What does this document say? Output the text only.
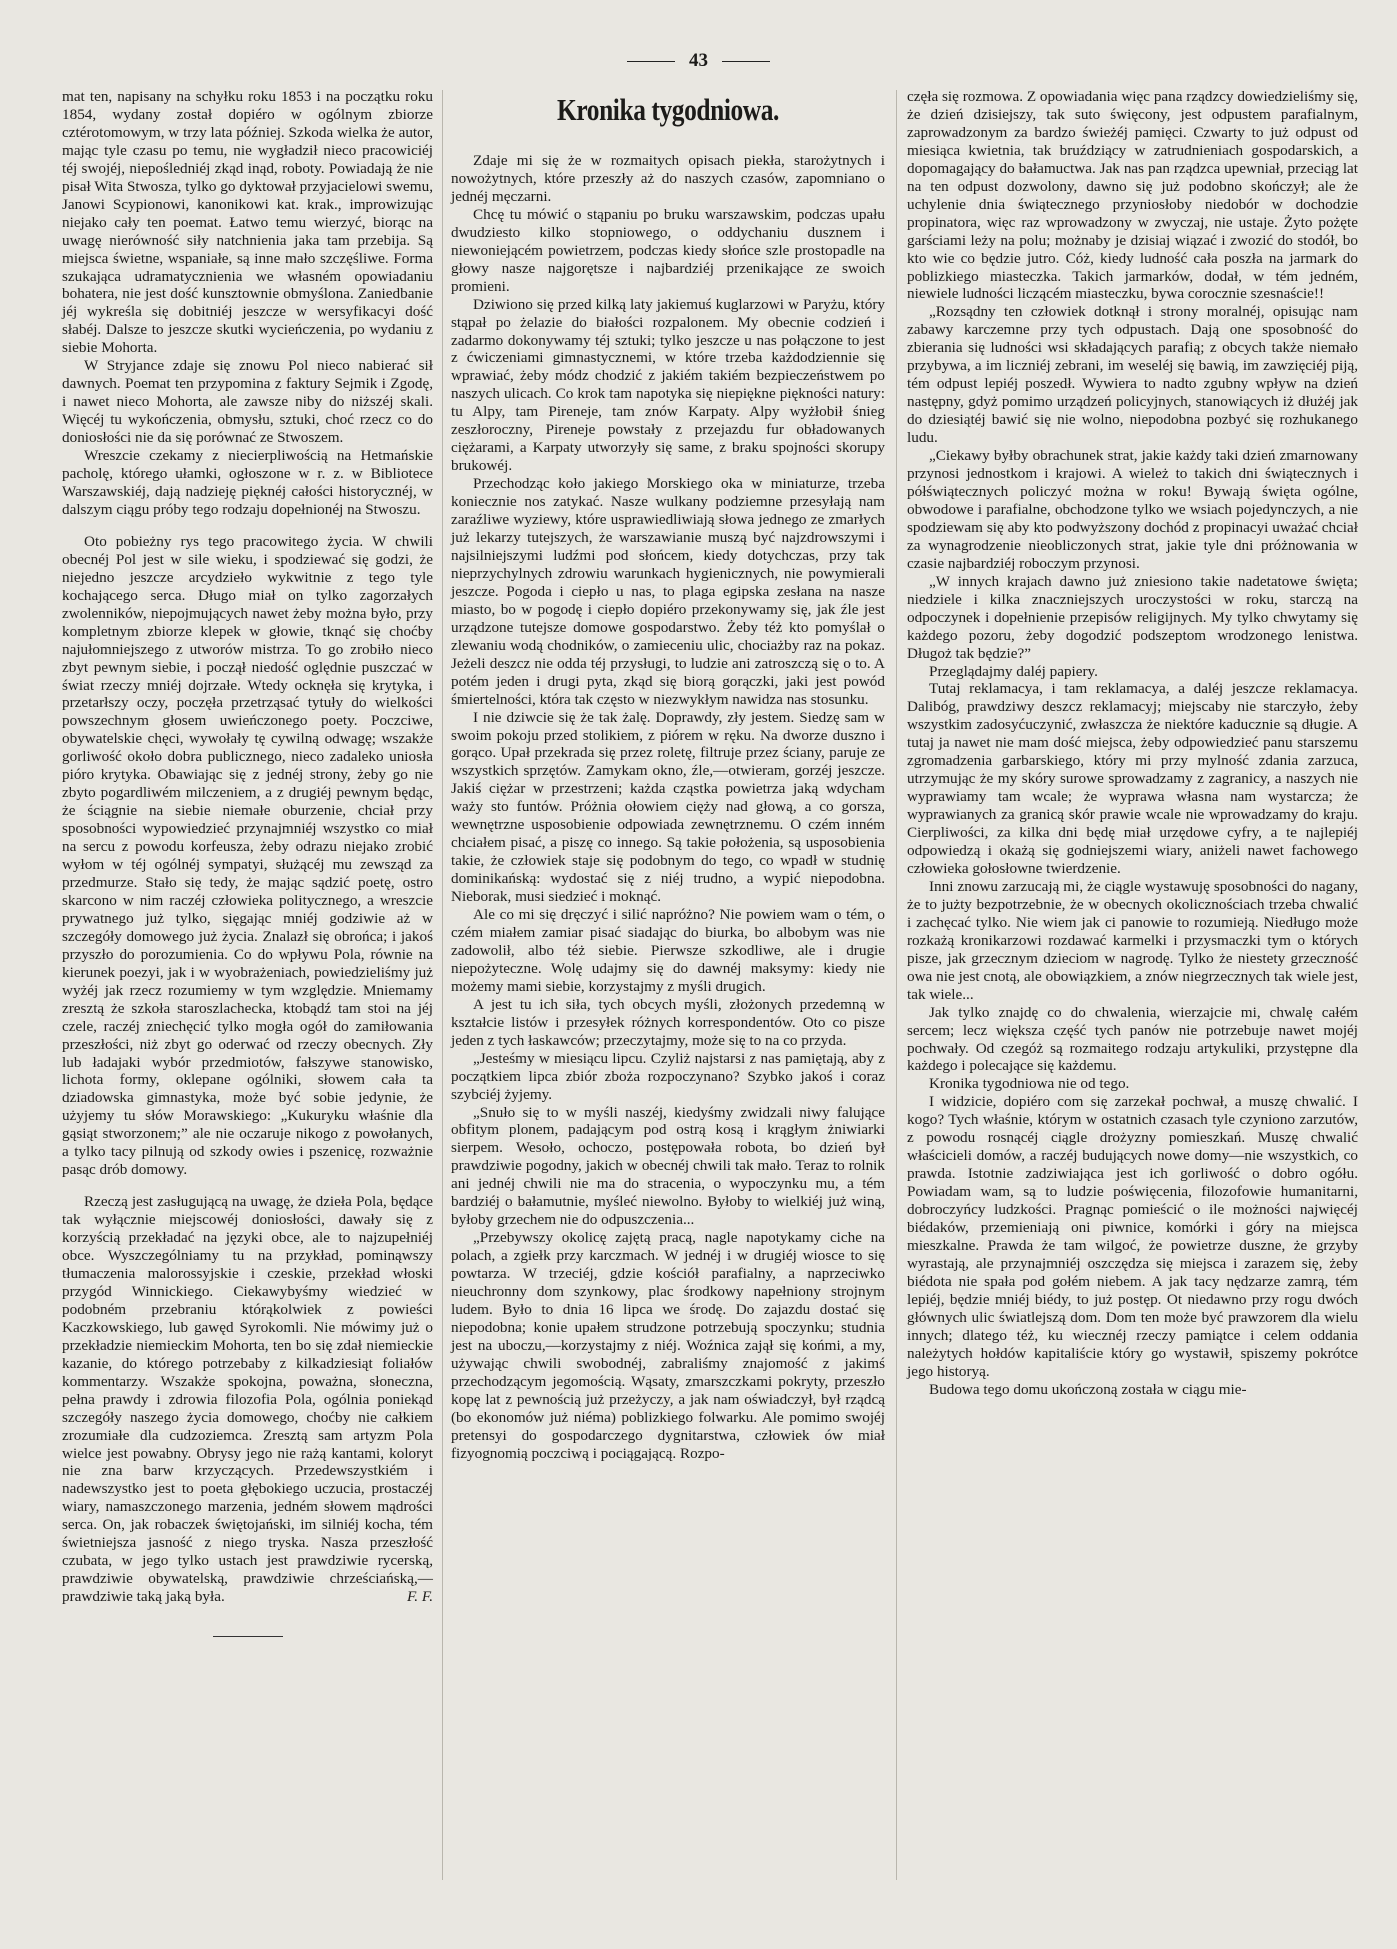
43

mat ten, napisany na schyłku roku 1853 i na początku roku 1854, wydany został dopiéro w ogólnym zbiorze cztérotomowym, w trzy lata później. Szkoda wielka że autor, mając tyle czasu po temu, nie wygładził nieco pracowiciéj téj swojéj, niepośledniéj zkąd inąd, roboty. Powiadają że nie pisał Wita Stwosza, tylko go dyktował przyjacielowi swemu, Janowi Scypionowi, kanonikowi kat. krak., improwizując niejako cały ten poemat. Łatwo temu wierzyć, biorąc na uwagę nierówność siły natchnienia jaka tam przebija. Są miejsca świetne, wspaniałe, są inne mało szczęśliwe. Forma szukająca udramatycznienia we własném opowiadaniu bohatera, nie jest dość kunsztownie obmyślona. Zaniedbanie jéj wykreśla się dobitniéj jeszcze w wersyfikacyi dość słabéj. Dalsze to jeszcze skutki wycieńczenia, po wydaniu z siebie Mohorta.

W Stryjance zdaje się znowu Pol nieco nabierać sił dawnych. Poemat ten przypomina z faktury Sejmik i Zgodę, i nawet nieco Mohorta, ale zawsze niby do niższéj skali. Więcéj tu wykończenia, obmysłu, sztuki, choć rzecz co do doniosłości nie da się porównać ze Stwoszem.

Wreszcie czekamy z niecierpliwością na Hetmańskie pacholę, którego ułamki, ogłoszone w r. z. w Bibliotece Warszawskiéj, dają nadzieję pięknéj całości historycznéj, w dalszym ciągu próby tego rodzaju dopełnionéj na Stwoszu.

Oto pobieżny rys tego pracowitego życia. W chwili obecnéj Pol jest w sile wieku, i spodziewać się godzi, że niejedno jeszcze arcydzieło wykwitnie z tego tyle kochającego serca. Długo miał on tylko zagorzałych zwolenników, niepojmujących nawet żeby można było, przy kompletnym zbiorze klepek w głowie, tknąć się choćby najułomniejszego z utworów mistrza. To go zrobiło nieco zbyt pewnym siebie, i począł niedość oględnie puszczać w świat rzeczy mniéj dojrzałe. Wtedy ocknęła się krytyka, i przetarłszy oczy, poczęła przetrząsać tytuły do wielkości powszechnym głosem uwieńczonego poety. Poczciwe, obywatelskie chęci, wywołały tę cywilną odwagę; wszakże gorliwość około dobra publicznego, nieco zadaleko uniosła pióro krytyka. Obawiając się z jednéj strony, żeby go nie zbyto pogardliwém milczeniem, a z drugiéj pewnym będąc, że ściągnie na siebie niemałe oburzenie, chciał przy sposobności wypowiedzieć przynajmniéj wszystko co miał na sercu z powodu korfeusza, żeby odrazu niejako zrobić wyłom w téj ogólnéj sympatyi, służącéj mu zewsząd za przedmurze. Stało się tedy, że mając sądzić poetę, ostro skarcono w nim raczéj człowieka politycznego, a wreszcie prywatnego już tylko, sięgając mniéj godziwie aż w szczegóły domowego już życia. Znalazł się obrońca; i jakoś przyszło do porozumienia. Co do wpływu Pola, równie na kierunek poezyi, jak i w wyobrażeniach, powiedzieliśmy już wyżéj jak rzecz rozumiemy w tym względzie. Mniemamy zresztą że szkoła staroszlachecka, ktobądź tam stoi na jéj czele, raczéj zniechęcić tylko mogła ogół do zamiłowania przeszłości, niż zbyt go oderwać od rzeczy obecnych. Zły lub ładajaki wybór przedmiotów, fałszywe stanowisko, lichota formy, oklepane ogólniki, słowem cała ta dziadowska gimnastyka, może być sobie jedynie, że użyjemy tu słów Morawskiego: „Kukuryku właśnie dla gąsiąt stworzonem;” ale nie oczaruje nikogo z powołanych, a tylko tacy pilnują od szkody owies i pszenicę, rozważnie pasąc drób domowy.

Rzeczą jest zasługującą na uwagę, że dzieła Pola, będące tak wyłącznie miejscowéj doniosłości, dawały się z korzyścią przekładać na języki obce, ale to najzupełniéj obce. Wyszczególniamy tu na przykład, pominąwszy tłumaczenia malorossyjskie i czeskie, przekład włoski przygód Winnickiego. Ciekawybyśmy wiedzieć w podobném przebraniu którąkolwiek z powieści Kaczkowskiego, lub gawęd Syrokomli. Nie mówimy już o przekładzie niemieckim Mohorta, ten bo się zdał niemieckie kazanie, do którego potrzebaby z kilkadziesiąt foliałów kommentarzy. Wszakże spokojna, poważna, słoneczna, pełna prawdy i zdrowia filozofia Pola, ogólnia poniekąd szczegóły naszego życia domowego, choćby nie całkiem zrozumiałe dla cudzoziemca. Zresztą sam artyzm Pola wielce jest powabny. Obrysy jego nie rażą kantami, koloryt nie zna barw krzyczących. Przedewszystkiém i nadewszystko jest to poeta głębokiego uczucia, prostaczéj wiary, namaszczonego marzenia, jedném słowem mądrości serca. On, jak robaczek świętojański, im silniéj kocha, tém świetniejsza jasność z niego tryska. Nasza przeszłość czubata, w jego tylko ustach jest prawdziwie rycerską, prawdziwie obywatelską, prawdziwie chrześciańską,—prawdziwie taką jaką była.	F. F.

Kronika tygodniowa.

Zdaje mi się że w rozmaitych opisach piekła, starożytnych i nowożytnych, które przeszły aż do naszych czasów, zapomniano o jednéj męczarni.

Chcę tu mówić o stąpaniu po bruku warszawskim, podczas upału dwudziesto kilko stopniowego, o oddychaniu dusznem i niewoniejącém powietrzem, podczas kiedy słońce szle prostopadle na głowy nasze najgorętsze i najbardziéj przenikające ze swoich promieni.

Dziwiono się przed kilką laty jakiemuś kuglarzowi w Paryżu, który stąpał po żelazie do białości rozpalonem. My obecnie codzień i zadarmo dokonywamy téj sztuki; tylko jeszcze u nas połączone to jest z ćwiczeniami gimnastycznemi, w które trzeba każdodziennie się wprawiać, żeby módz chodzić z jakiém takiém bezpieczeństwem po naszych ulicach. Co krok tam napotyka się niepiękne piękności natury: tu Alpy, tam Pireneje, tam znów Karpaty. Alpy wyżłobił śnieg zeszłoroczny, Pireneje powstały z przejazdu fur obładowanych ciężarami, a Karpaty utworzyły się same, z braku spojności skorupy brukowéj.

Przechodząc koło jakiego Morskiego oka w miniaturze, trzeba koniecznie nos zatykać. Nasze wulkany podziemne przesyłają nam zaraźliwe wyziewy, które usprawiedliwiają słowa jednego ze zmarłych już lekarzy tutejszych, że warszawianie muszą być najzdrowszymi i najsilniejszymi ludźmi pod słońcem, kiedy dotychczas, przy tak nieprzychylnych zdrowiu warunkach hygienicznych, nie powymierali jeszcze. Pogoda i ciepło u nas, to plaga egipska zesłana na nasze miasto, bo w pogodę i ciepło dopiéro przekonywamy się, jak źle jest urządzone tutejsze domowe gospodarstwo. Żeby téż kto pomyślał o zlewaniu wodą chodników, o zamieceniu ulic, chociażby raz na pokaz. Jeżeli deszcz nie odda téj przysługi, to ludzie ani zatroszczą się o to. A potém jeden i drugi pyta, zkąd się biorą gorączki, jaki jest powód śmiertelności, która tak często w niezwykłym nawidza nas stosunku.

I nie dziwcie się że tak żalę. Doprawdy, zły jestem. Siedzę sam w swoim pokoju przed stolikiem, z piórem w ręku. Na dworze duszno i gorąco. Upał przekrada się przez roletę, filtruje przez ściany, paruje ze wszystkich sprzętów. Zamykam okno, źle,—otwieram, gorzéj jeszcze. Jakiś ciężar w przestrzeni; każda cząstka powietrza jaką wdycham waży sto funtów. Próżnia ołowiem cięży nad głową, a co gorsza, wewnętrzne usposobienie odpowiada zewnętrznemu. O czém inném chciałem pisać, a piszę co innego. Są takie położenia, są usposobienia takie, że człowiek staje się podobnym do tego, co wpadł w studnię dominikańską: wydostać się z niéj trudno, a wypić niepodobna. Nieborak, musi siedzieć i moknąć.

Ale co mi się dręczyć i silić napróżno? Nie powiem wam o tém, o czém miałem zamiar pisać siadając do biurka, bo albobym was nie zadowolił, albo téż siebie. Pierwsze szkodliwe, ale i drugie niepożyteczne. Wolę udajmy się do dawnéj maksymy: kiedy nie możemy mami siebie, korzystajmy z myśli drugich.

A jest tu ich siła, tych obcych myśli, złożonych przedemną w kształcie listów i przesyłek różnych korrespondentów. Oto co pisze jeden z tych łaskawców; przeczytajmy, może się to na co przyda.

„Jesteśmy w miesiącu lipcu. Czyliż najstarsi z nas pamiętają, aby z początkiem lipca zbiór zboża rozpoczynano? Szybko jakoś i coraz szybciéj żyjemy.

„Snuło się to w myśli naszéj, kiedyśmy zwidzali niwy falujące obfitym plonem, padającym pod ostrą kosą i krągłym żniwiarki sierpem. Wesoło, ochoczo, postępowała robota, bo dzień był prawdziwie pogodny, jakich w obecnéj chwili tak mało. Teraz to rolnik ani jednéj chwili nie ma do stracenia, o wypoczynku mu, a tém bardziéj o bałamutnie, myśleć niewolno. Byłoby to wielkiéj już winą, byłoby grzechem nie do odpuszczenia...

„Przebywszy okolicę zajętą pracą, nagle napotykamy ciche na polach, a zgiełk przy karczmach. W jednéj i w drugiéj wiosce to się powtarza. W trzeciéj, gdzie kościół parafialny, a naprzeciwko nieuchronny dom szynkowy, plac środkowy napełniony strojnym ludem. Było to dnia 16 lipca we środę. Do zajazdu dostać się niepodobna; konie upałem strudzone potrzebują spoczynku; studnia jest na uboczu,—korzystajmy z niéj. Woźnica zajął się końmi, a my, używając chwili swobodnéj, zabraliśmy znajomość z jakimś przechodzącym jegomością. Wąsaty, zmarszczkami pokryty, przeszło kopę lat z pewnością już przeżyczy, a jak nam oświadczył, był rządcą (bo ekonomów już niéma) poblizkiego folwarku. Ale pomimo swojéj pretensyi do gospodarczego dygnitarstwa, człowiek ów miał fizyognomią poczciwą i pociągającą. Rozpo-

częła się rozmowa. Z opowiadania więc pana rządzcy dowiedzieliśmy się, że dzień dzisiejszy, tak suto święcony, jest odpustem parafialnym, zaprowadzonym za bardzo świeżéj pamięci. Czwarty to już odpust od miesiąca kwietnia, tak bruździący w zatrudnieniach gospodarskich, a dopomagający do bałamuctwa. Jak nas pan rządzca upewniał, przeciąg lat na ten odpust dozwolony, dawno się już podobno skończył; ale że uchylenie dnia świątecznego przyniosłoby niedobór w dochodzie propinatora, więc raz wprowadzony w zwyczaj, nie ustaje. Żyto pożęte garściami leży na polu; możnaby je dzisiaj wiązać i zwozić do stodół, bo kto wie co będzie jutro. Cóż, kiedy ludność cała poszła na jarmark do poblizkiego miasteczka. Takich jarmarków, dodał, w tém jedném, niewiele ludności liczącém miasteczku, bywa corocznie szesnaście!!

„Rozsądny ten człowiek dotknął i strony moralnéj, opisując nam zabawy karczemne przy tych odpustach. Dają one sposobność do zbierania się ludności wsi składających parafią; z obcych także niemało przybywa, a im liczniéj zebrani, im weseléj się bawią, im zawzięciéj piją, tém odpust lepiéj poszedł. Wywiera to nadto zgubny wpływ na dzień następny, gdyż pomimo urządzeń policyjnych, stanowiących iż dłużéj jak do dziesiątéj bawić się nie wolno, niepodobna pozbyć się rozhukanego ludu.

„Ciekawy byłby obrachunek strat, jakie każdy taki dzień zmarnowany przynosi jednostkom i krajowi. A wieleż to takich dni świątecznych i półświątecznych policzyć można w roku! Bywają święta ogólne, obwodowe i parafialne, obchodzone tylko we wsiach pojedynczych, a nie spodziewam się aby kto podwyższony dochód z propinacyi uważać chciał za wynagrodzenie nieobliczonych strat, jakie tyle dni próżnowania w czasie najbardziéj roboczym przynosi.

„W innych krajach dawno już zniesiono takie nadetatowe święta; niedziele i kilka znaczniejszych uroczystości w roku, starczą na odpoczynek i dopełnienie przepisów religijnych. My tylko chwytamy się każdego pozoru, żeby dogodzić podszeptom wrodzonego lenistwa. Długoż tak będzie?”

Przeglądajmy daléj papiery.

Tutaj reklamacya, i tam reklamacya, a daléj jeszcze reklamacya. Dalibóg, prawdziwy deszcz reklamacyj; miejscaby nie starczyło, żeby wszystkim zadosyćuczynić, zwłaszcza że niektóre kaducznie są długie. A tutaj ja nawet nie mam dość miejsca, żeby odpowiedzieć panu starszemu zgromadzenia garbarskiego, który mi przy mylność zdania zarzuca, utrzymując że my skóry surowe sprowadzamy z zagranicy, a naszych nie wyprawiamy tam wcale; że wyprawa własna nam wystarcza; że wyprawianych za granicą skór prawie wcale nie wprowadzamy do kraju. Cierpliwości, za kilka dni będę miał urzędowe cyfry, a te najlepiéj odpowiedzą i okażą się godniejszemi wiary, aniżeli nawet fachowego człowieka gołosłowne twierdzenie.

Inni znowu zarzucają mi, że ciągle wystawuję sposobności do nagany, że to jużty bezpotrzebnie, że w obecnych okolicznościach trzeba chwalić i zachęcać tylko. Nie wiem jak ci panowie to rozumieją. Niedługo może rozkażą kronikarzowi rozdawać karmelki i przysmaczki tym o których pisze, jak grzecznym dzieciom w nagrodę. Tylko że niestety grzeczność owa nie jest cnotą, ale obowiązkiem, a znów niegrzecznych tak wiele jest, tak wiele...

Jak tylko znajdę co do chwalenia, wierzajcie mi, chwalę całém sercem; lecz większa część tych panów nie potrzebuje nawet mojéj pochwały. Od czegóż są rozmaitego rodzaju artykuliki, przystępne dla każdego i polecające się każdemu.

Kronika tygodniowa nie od tego.

I widzicie, dopiéro com się zarzekał pochwał, a muszę chwalić. I kogo? Tych właśnie, którym w ostatnich czasach tyle czyniono zarzutów, z powodu rosnącéj ciągle drożyzny pomieszkań. Muszę chwalić właścicieli domów, a raczéj budujących nowe domy—nie wszystkich, co prawda. Istotnie zadziwiająca jest ich gorliwość o dobro ogółu. Powiadam wam, są to ludzie poświęcenia, filozofowie humanitarni, dobroczyńcy ludzkości. Pragnąc pomieścić o ile możności najwięcéj biédaków, przemieniają oni piwnice, komórki i góry na miejsca mieszkalne. Prawda że tam wilgoć, że powietrze duszne, że grzyby wyrastają, ale przynajmniéj oszczędza się miejsca i zarazem się, żeby biédota nie spała pod gołém niebem. A jak tacy nędzarze zamrą, tém lepiéj, będzie mniéj biédy, to już postęp. Ot niedawno przy rogu dwóch głównych ulic światlejszą dom. Dom ten może być prawzorem dla wielu innych; dlatego téż, ku wiecznéj rzeczy pamiątce i celem oddania należytych hołdów kapitaliście który go wystawił, spiszemy pokrótce jego historyą.

Budowa tego domu ukończoną została w ciągu mie-
